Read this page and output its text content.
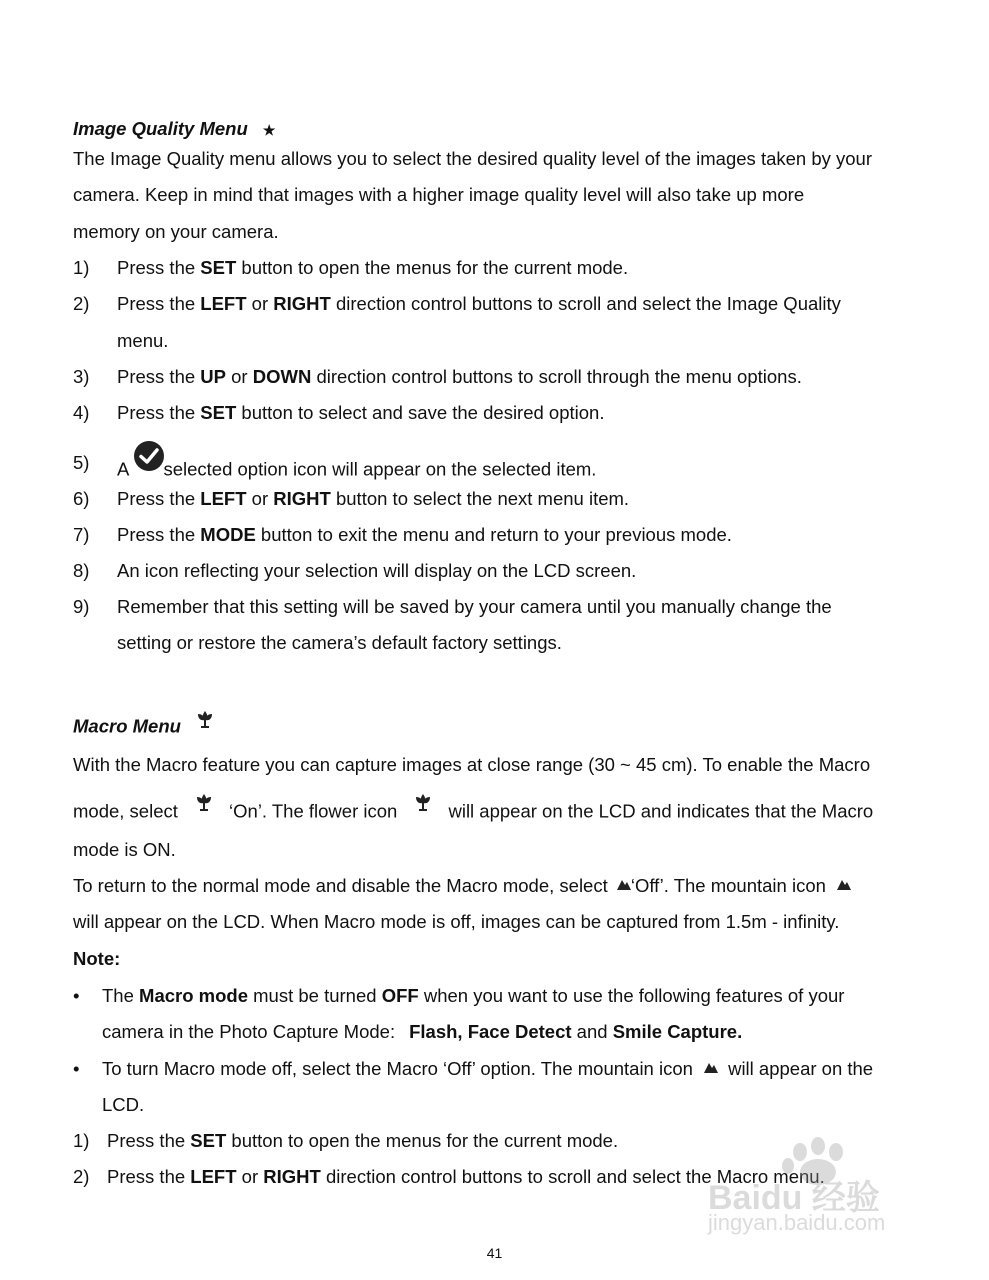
Image Quality Menu ★
The Image Quality menu allows you to select the desired quality level of the images taken by your
camera. Keep in mind that images with a higher image quality level will also take up more
memory on your camera.
1) Press the SET button to open the menus for the current mode.
2) Press the LEFT or RIGHT direction control buttons to scroll and select the Image Quality
menu.
3) Press the UP or DOWN direction control buttons to scroll through the menu options.
4) Press the SET button to select and save the desired option.
5) A selected option icon will appear on the selected item.
6) Press the LEFT or RIGHT button to select the next menu item.
7) Press the MODE button to exit the menu and return to your previous mode.
8) An icon reflecting your selection will display on the LCD screen.
9) Remember that this setting will be saved by your camera until you manually change the
setting or restore the camera’s default factory settings.
Macro Menu
With the Macro feature you can capture images at close range (30 ~ 45 cm). To enable the Macro
mode, select	‘On’. The flower icon	will appear on the LCD and indicates that the Macro
mode is ON.
To return to the normal mode and disable the Macro mode, select ‘Off’. The mountain icon
will appear on the LCD. When Macro mode is off, images can be captured from 1.5m - infinity.
Note:
• The Macro mode must be turned OFF when you want to use the following features of your
camera in the Photo Capture Mode: Flash, Face Detect and Smile Capture.
• To turn Macro mode off, select the Macro ‘Off’ option. The mountain icon will appear on the
LCD.
1) Press the SET button to open the menus for the current mode.
2) Press the LEFT or RIGHT direction control buttons to scroll and select the Macro menu.
Baidu 经验
jingyan.baidu.com
41
